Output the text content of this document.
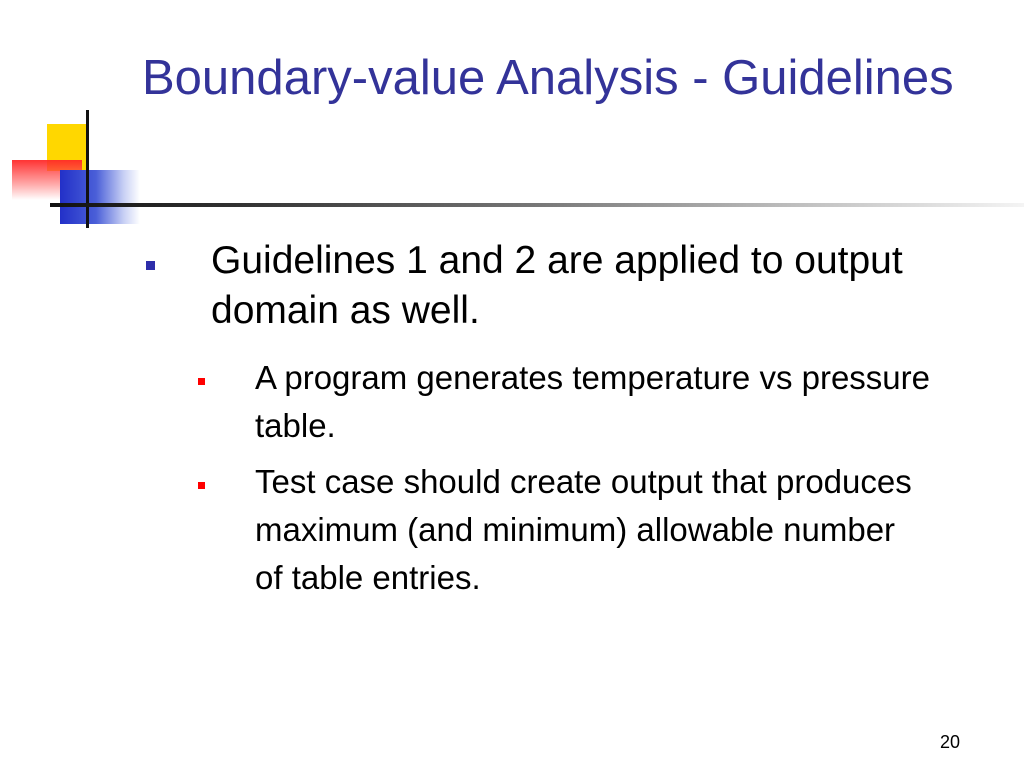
Boundary-value Analysis - Guidelines
Guidelines 1 and 2 are applied to output domain as well.
A program generates temperature vs pressure table.
Test case should create output that produces maximum (and minimum) allowable number of table entries.
20
